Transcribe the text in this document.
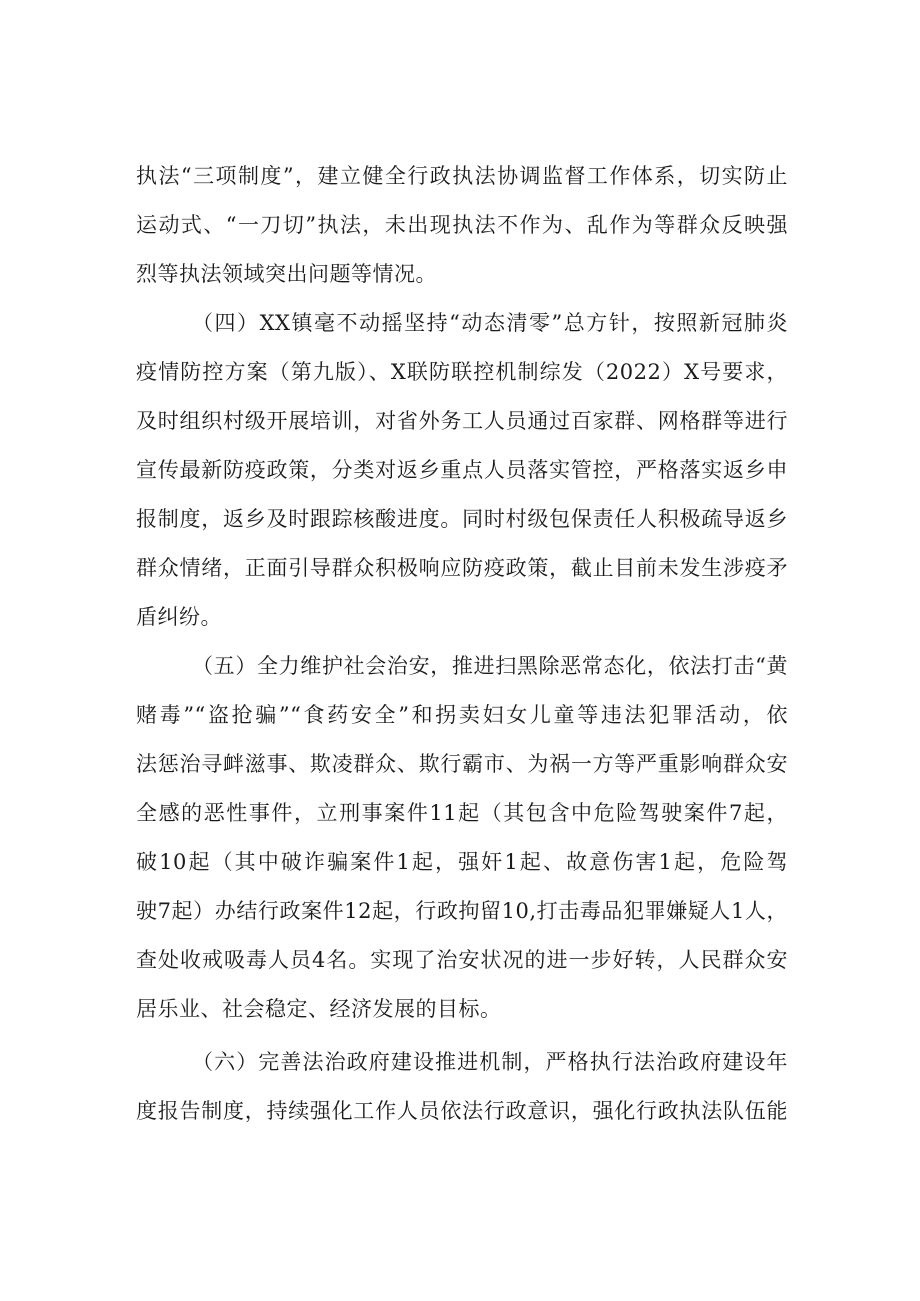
执法“三项制度”，建立健全行政执法协调监督工作体系，切实防止
运动式、“一刀切”执法，未出现执法不作为、乱作为等群众反映强
烈等执法领域突出问题等情况。
（四）XX镇毫不动摇坚持“动态清零”总方针，按照新冠肺炎
疫情防控方案（第九版）、X联防联控机制综发（2022）X号要求，
及时组织村级开展培训，对省外务工人员通过百家群、网格群等进行
宣传最新防疫政策，分类对返乡重点人员落实管控，严格落实返乡申
报制度，返乡及时跟踪核酸进度。同时村级包保责任人积极疏导返乡
群众情绪，正面引导群众积极响应防疫政策，截止目前未发生涉疫矛
盾纠纷。
（五）全力维护社会治安，推进扫黑除恶常态化，依法打击“黄
赌毒”“盗抢骗”“食药安全”和拐卖妇女儿童等违法犯罪活动，依
法惩治寻衅滋事、欺凌群众、欺行霸市、为祸一方等严重影响群众安
全感的恶性事件，立刑事案件11起（其包含中危险驾驶案件7起，
破10起（其中破诈骗案件1起，强奸1起、故意伤害1起，危险驾
驶7起）办结行政案件12起，行政拘留10,打击毒品犯罪嫌疑人1人，
查处收戒吸毒人员4名。实现了治安状况的进一步好转，人民群众安
居乐业、社会稳定、经济发展的目标。
（六）完善法治政府建设推进机制，严格执行法治政府建设年
度报告制度，持续强化工作人员依法行政意识，强化行政执法队伍能
